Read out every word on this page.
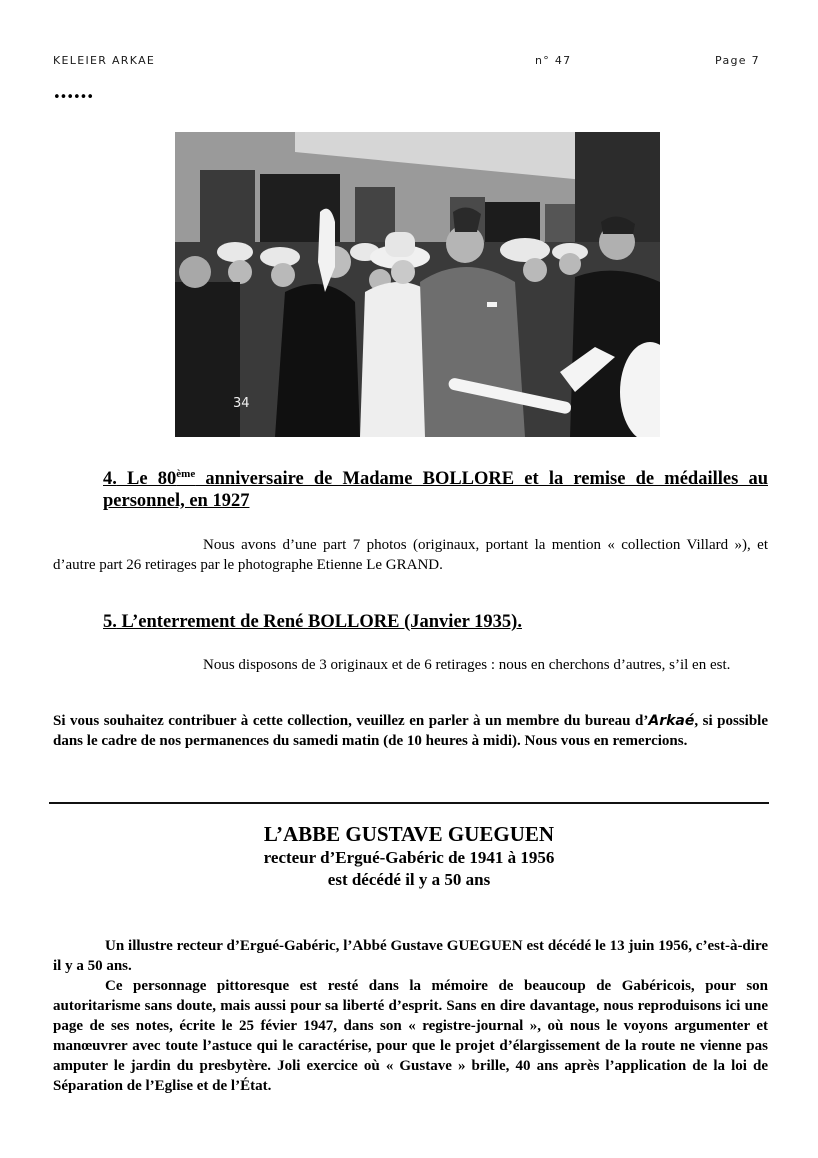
KELEIER ARKAE	n° 47	Page 7
••••••
34
4. Le 80ème anniversaire de Madame BOLLORE et la remise de médailles au personnel, en 1927

Nous avons d’une part 7 photos (originaux, portant la mention « collection Villard »), et d’autre part 26 retirages par le photographe Etienne Le GRAND.

5. L’enterrement de René BOLLORE (Janvier 1935).

Nous disposons de 3 originaux et de 6 retirages : nous en cherchons d’autres, s’il en est.

Si vous souhaitez contribuer à cette collection, veuillez en parler à un membre du bureau d’Arkaé, si possible dans le cadre de nos permanences du samedi matin (de 10 heures à midi). Nous vous en remercions.

L’ABBE GUSTAVE GUEGUEN
recteur d’Ergué-Gabéric de 1941 à 1956
est décédé il y a 50 ans

Un illustre recteur d’Ergué-Gabéric, l’Abbé Gustave GUEGUEN est décédé le 13 juin 1956, c’est-à-dire il y a 50 ans.

Ce personnage pittoresque est resté dans la mémoire de beaucoup de Gabéricois, pour son autoritarisme sans doute, mais aussi pour sa liberté d’esprit. Sans en dire davantage, nous reproduisons ici une page de ses notes, écrite le 25 févier 1947, dans son « registre-journal », où nous le voyons argumenter et manœuvrer avec toute l’astuce qui le caractérise, pour que le projet d’élargissement de la route ne vienne pas amputer le jardin du presbytère. Joli exercice où « Gustave » brille, 40 ans après l’application de la loi de Séparation de l’Eglise et de l’État.
